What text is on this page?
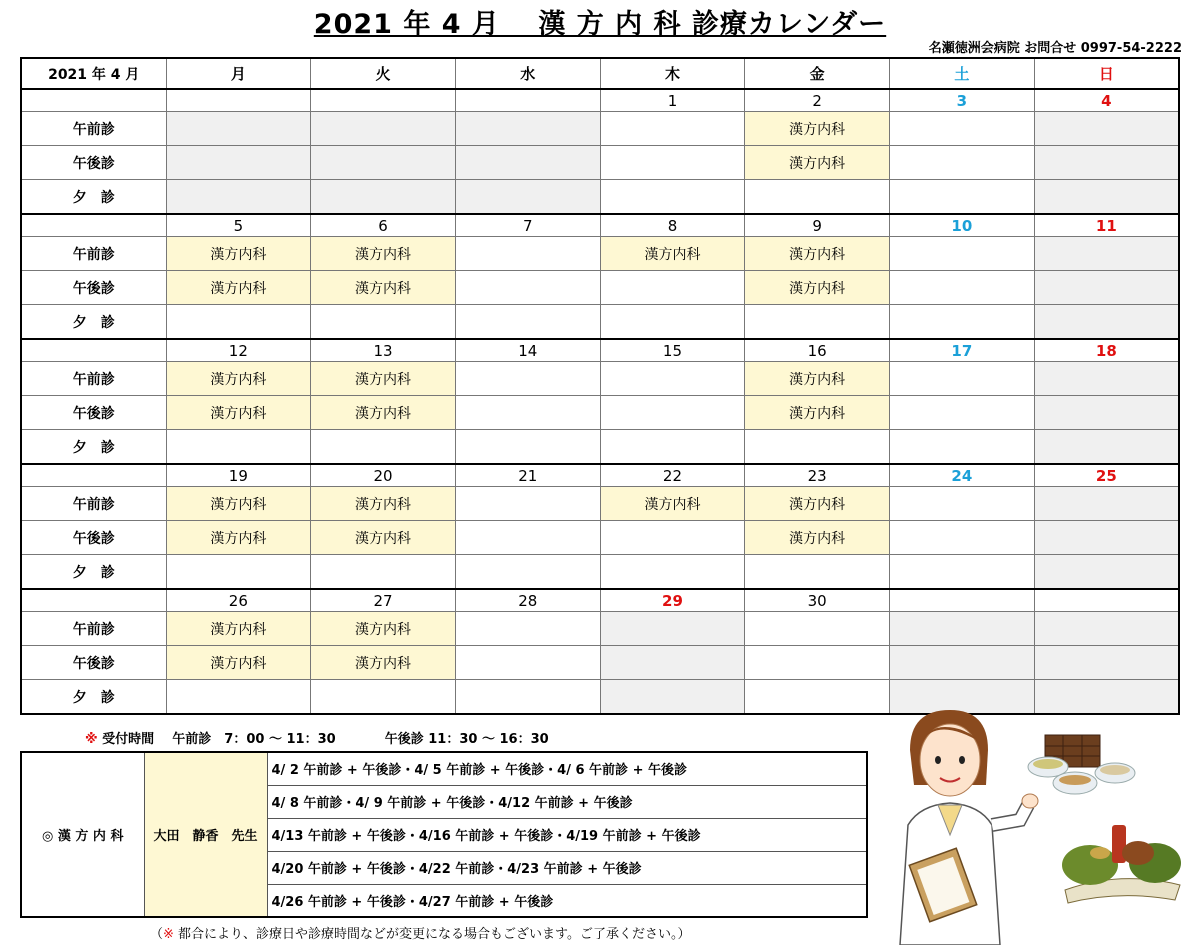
2021 年 4 月　 漢 方 内 科 診療カレンダー
名瀬徳洲会病院 お問合せ 0997-54-2222
2021 年 4 月	月	火	水	木	金	土	日
				1	2	3	4
午前診					漢方内科		
午後診					漢方内科		
夕　診							
	5	6	7	8	9	10	11
午前診	漢方内科	漢方内科		漢方内科	漢方内科		
午後診	漢方内科	漢方内科			漢方内科		
夕　診							
	12	13	14	15	16	17	18
午前診	漢方内科	漢方内科			漢方内科		
午後診	漢方内科	漢方内科			漢方内科		
夕　診							
	19	20	21	22	23	24	25
午前診	漢方内科	漢方内科		漢方内科	漢方内科		
午後診	漢方内科	漢方内科			漢方内科		
夕　診							
	26	27	28	29	30		
午前診	漢方内科	漢方内科					
午後診	漢方内科	漢方内科					
夕　診							
※ 受付時間 午前診　7：00 〜 11：30	午後診 11：30 〜 16：30
◎ 漢 方 内 科	大田　静香　先生	4/ 2 午前診 + 午後診・4/ 5 午前診 + 午後診・4/ 6 午前診 + 午後診
4/ 8 午前診・4/ 9 午前診 + 午後診・4/12 午前診 + 午後診
4/13 午前診 + 午後診・4/16 午前診 + 午後診・4/19 午前診 + 午後診
4/20 午前診 + 午後診・4/22 午前診・4/23 午前診 + 午後診
4/26 午前診 + 午後診・4/27 午前診 + 午後診
（※ 都合により、診療日や診療時間などが変更になる場合もございます。ご了承ください。）
